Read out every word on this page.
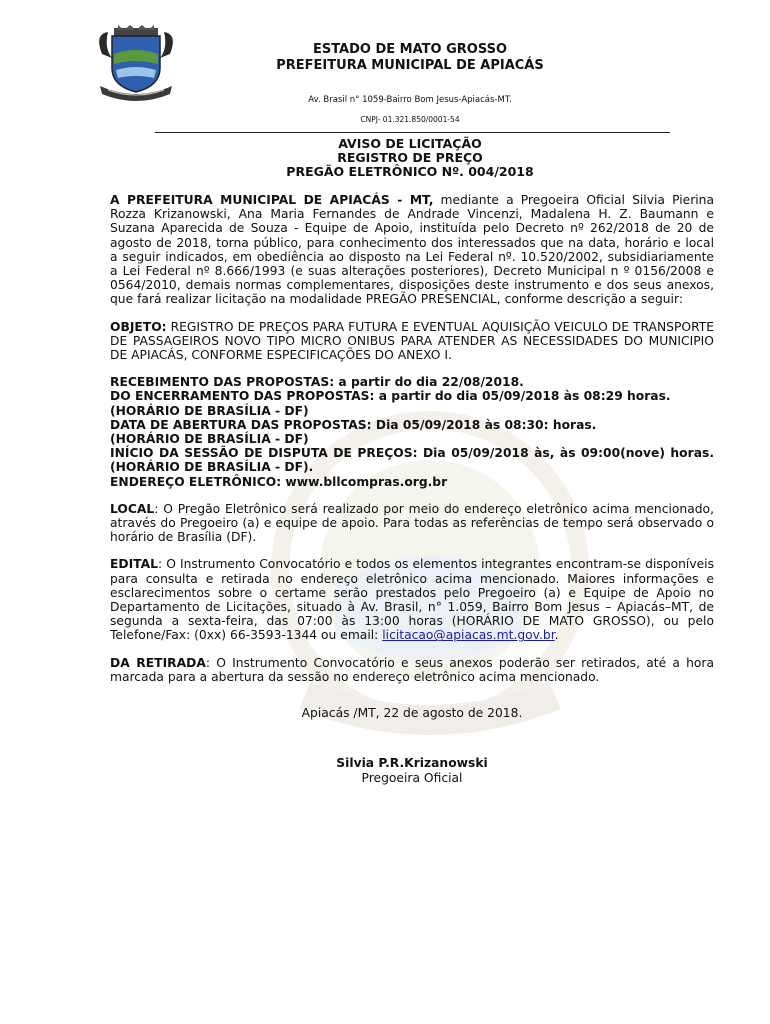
ESTADO DE MATO GROSSO
PREFEITURA MUNICIPAL DE APIACÁS
Av. Brasil n° 1059-Bairro Bom Jesus-Apiacás-MT.
CNPJ- 01.321.850/0001-54
AVISO DE LICITAÇÃO
REGISTRO DE PREÇO
PREGÃO ELETRÔNICO Nº. 004/2018

A PREFEITURA MUNICIPAL DE APIACÁS - MT, mediante a Pregoeira Oficial Silvia Pierina Rozza Krizanowski, Ana Maria Fernandes de Andrade Vincenzi, Madalena H. Z. Baumann e Suzana Aparecida de Souza - Equipe de Apoio, instituída pelo Decreto nº 262/2018 de 20 de agosto de 2018, torna público, para conhecimento dos interessados que na data, horário e local a seguir indicados, em obediência ao disposto na Lei Federal nº. 10.520/2002, subsidiariamente a Lei Federal nº 8.666/1993 (e suas alterações posteriores), Decreto Municipal n º 0156/2008 e 0564/2010, demais normas complementares, disposições deste instrumento e dos seus anexos, que fará realizar licitação na modalidade PREGÃO PRESENCIAL, conforme descrição a seguir:

OBJETO: REGISTRO DE PREÇOS PARA FUTURA E EVENTUAL AQUISIÇÃO VEICULO DE TRANSPORTE DE PASSAGEIROS NOVO TIPO MICRO ONIBUS PARA ATENDER AS NECESSIDADES DO MUNICIPIO DE APIACÁS, CONFORME ESPECIFICAÇÕES DO ANEXO I.

RECEBIMENTO DAS PROPOSTAS: a partir do dia 22/08/2018.
DO ENCERRAMENTO DAS PROPOSTAS: a partir do dia 05/09/2018 às 08:29 horas.
(HORÁRIO DE BRASÍLIA - DF)
DATA DE ABERTURA DAS PROPOSTAS: Dia 05/09/2018 às 08:30: horas.
(HORÁRIO DE BRASÍLIA - DF)
INÍCIO DA SESSÃO DE DISPUTA DE PREÇOS: Dia 05/09/2018 às, às 09:00(nove) horas. (HORÁRIO DE BRASÍLIA - DF).
ENDEREÇO ELETRÔNICO: www.bllcompras.org.br

LOCAL: O Pregão Eletrônico será realizado por meio do endereço eletrônico acima mencionado, através do Pregoeiro (a) e equipe de apoio. Para todas as referências de tempo será observado o horário de Brasília (DF).

EDITAL: O Instrumento Convocatório e todos os elementos integrantes encontram-se disponíveis para consulta e retirada no endereço eletrônico acima mencionado. Maiores informações e esclarecimentos sobre o certame serão prestados pelo Pregoeiro (a) e Equipe de Apoio no Departamento de Licitações, situado à Av. Brasil, n° 1.059, Bairro Bom Jesus – Apiacás–MT, de segunda a sexta-feira, das 07:00 às 13:00 horas (HORÁRIO DE MATO GROSSO), ou pelo Telefone/Fax: (0xx) 66-3593-1344 ou email: licitacao@apiacas.mt.gov.br.

DA RETIRADA: O Instrumento Convocatório e seus anexos poderão ser retirados, até a hora marcada para a abertura da sessão no endereço eletrônico acima mencionado.

Apiacás /MT, 22 de agosto de 2018.

Silvia P.R.Krizanowski
Pregoeira Oficial
